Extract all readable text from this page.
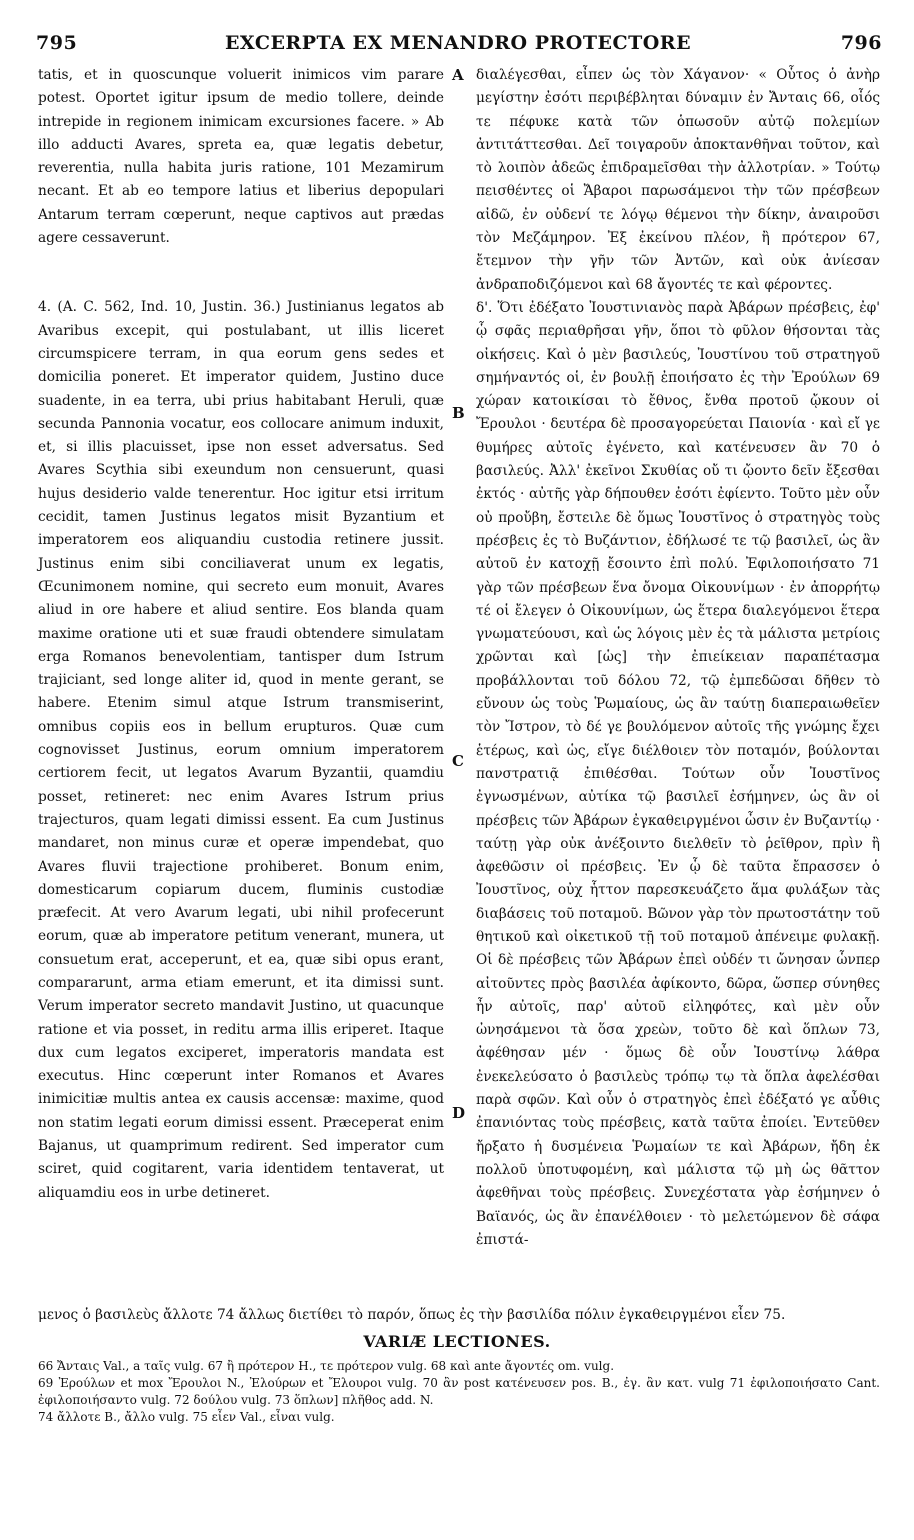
795	EXCERPTA EX MENANDRO PROTECTORE	796

tatis, et in quoscunque voluerit inimicos vim parare potest. Oportet igitur ipsum de medio tollere, deinde intrepide in regionem inimicam excursiones facere. » Ab illo adducti Avares, spreta ea, quæ legatis debetur, reverentia, nulla habita juris ratione, 101 Mezamirum necant. Et ab eo tempore latius et liberius depopulari Antarum terram cœperunt, neque captivos aut prædas agere cessaverunt.

4. (A. C. 562, Ind. 10, Justin. 36.) Justinianus legatos ab Avaribus excepit, qui postulabant, ut illis liceret circumspicere terram, in qua eorum gens sedes et domicilia poneret. Et imperator quidem, Justino duce suadente, in ea terra, ubi prius habitabant Heruli, quæ secunda Pannonia vocatur, eos collocare animum induxit, et, si illis placuisset, ipse non esset adversatus. Sed Avares Scythia sibi exeundum non censuerunt, quasi hujus desiderio valde tenerentur. Hoc igitur etsi irritum cecidit, tamen Justinus legatos misit Byzantium et imperatorem eos aliquandiu custodia retinere jussit. Justinus enim sibi conciliaverat unum ex legatis, Œcunimonem nomine, qui secreto eum monuit, Avares aliud in ore habere et aliud sentire. Eos blanda quam maxime oratione uti et suæ fraudi obtendere simulatam erga Romanos benevolentiam, tantisper dum Istrum trajiciant, sed longe aliter id, quod in mente gerant, se habere. Etenim simul atque Istrum transmiserint, omnibus copiis eos in bellum erupturos. Quæ cum cognovisset Justinus, eorum omnium imperatorem certiorem fecit, ut legatos Avarum Byzantii, quamdiu posset, retineret: nec enim Avares Istrum prius trajecturos, quam legati dimissi essent. Ea cum Justinus mandaret, non minus curæ et operæ impendebat, quo Avares fluvii trajectione prohiberet. Bonum enim, domesticarum copiarum ducem, fluminis custodiæ præfecit. At vero Avarum legati, ubi nihil profecerunt eorum, quæ ab imperatore petitum venerant, munera, ut consuetum erat, acceperunt, et ea, quæ sibi opus erant, compararunt, arma etiam emerunt, et ita dimissi sunt. Verum imperator secreto mandavit Justino, ut quacunque ratione et via posset, in reditu arma illis eriperet. Itaque dux cum legatos exciperet, imperatoris mandata est executus. Hinc cœperunt inter Romanos et Avares inimicitiæ multis antea ex causis accensæ: maxime, quod non statim legati eorum dimissi essent. Præceperat enim Bajanus, ut quamprimum redirent. Sed imperator cum sciret, quid cogitarent, varia identidem tentaverat, ut aliquamdiu eos in urbe detineret.

A
B
C
D

διαλέγεσθαι, εἶπεν ὡς τὸν Χάγανον· « Οὗτος ὁ ἀνὴρ μεγίστην ἐσότι περιβέβληται δύναμιν ἐν Ἄνταις 66, οἷός τε πέφυκε κατὰ τῶν ὁπωσοῦν αὐτῷ πολεμίων ἀντιτάττεσθαι. Δεῖ τοιγαροῦν ἀποκτανθῆναι τοῦτον, καὶ τὸ λοιπὸν ἀδεῶς ἐπιδραμεῖσθαι τὴν ἀλλοτρίαν. » Τούτῳ πεισθέντες οἱ Ἄβαροι παρωσάμενοι τὴν τῶν πρέσβεων αἰδῶ, ἐν οὐδενί τε λόγῳ θέμενοι τὴν δίκην, ἀναιροῦσι τὸν Μεζάμηρον. Ἐξ ἐκείνου πλέον, ἢ πρότερον 67, ἔτεμνον τὴν γῆν τῶν Ἀντῶν, καὶ οὐκ ἀνίεσαν ἀνδραποδιζόμενοι καὶ 68 ἄγοντές τε καὶ φέροντες.

δ'. Ὅτι ἐδέξατο Ἰουστινιανὸς παρὰ Ἀβάρων πρέσβεις, ἐφ' ᾧ σφᾶς περιαθρῆσαι γῆν, ὅποι τὸ φῦλον θήσονται τὰς οἰκήσεις. Καὶ ὁ μὲν βασιλεύς, Ἰουστίνου τοῦ στρατηγοῦ σημήναντός οἱ, ἐν βουλῇ ἐποιήσατο ἐς τὴν Ἐρούλων 69 χώραν κατοικίσαι τὸ ἔθνος, ἔνθα προτοῦ ᾤκουν οἱ Ἔρουλοι · δευτέρα δὲ προσαγορεύεται Παιονία · καὶ εἴ γε θυμήρες αὐτοῖς ἐγένετο, καὶ κατένευσεν ἂν 70 ὁ βασιλεύς. Ἀλλ' ἐκεῖνοι Σκυθίας οὔ τι ᾤοντο δεῖν ἔξεσθαι ἐκτός · αὐτῆς γὰρ δήπουθεν ἐσότι ἐφίεντο. Τοῦτο μὲν οὖν οὐ προὔβη, ἔστειλε δὲ ὅμως Ἰουστῖνος ὁ στρατηγὸς τοὺς πρέσβεις ἐς τὸ Βυζάντιον, ἐδήλωσέ τε τῷ βασιλεῖ, ὡς ἂν αὐτοῦ ἐν κατοχῇ ἔσοιντο ἐπὶ πολύ. Ἐφιλοποιήσατο 71 γὰρ τῶν πρέσβεων ἕνα ὄνομα Οἰκουνίμων · ἐν ἀπορρήτῳ τέ οἱ ἔλεγεν ὁ Οἰκουνίμων, ὡς ἕτερα διαλεγόμενοι ἕτερα γνωματεύουσι, καὶ ὡς λόγοις μὲν ἐς τὰ μάλιστα μετρίοις χρῶνται καὶ [ὡς] τὴν ἐπιείκειαν παραπέτασμα προβάλλονται τοῦ δόλου 72, τῷ ἐμπεδῶσαι δῆθεν τὸ εὔνουν ὡς τοὺς Ῥωμαίους, ὡς ἂν ταύτῃ διαπεραιωθεῖεν τὸν Ἴστρον, τὸ δέ γε βουλόμενον αὐτοῖς τῆς γνώμης ἔχει ἑτέρως, καὶ ὡς, εἴγε διέλθοιεν τὸν ποταμόν, βούλονται πανστρατιᾷ ἐπιθέσθαι. Τούτων οὖν Ἰουστῖνος ἐγνωσμένων, αὐτίκα τῷ βασιλεῖ ἐσήμηνεν, ὡς ἂν οἱ πρέσβεις τῶν Ἀβάρων ἐγκαθειργμένοι ὦσιν ἐν Βυζαντίῳ · ταύτῃ γὰρ οὐκ ἀνέξοιντο διελθεῖν τὸ ῥεῖθρον, πρὶν ἢ ἀφεθῶσιν οἱ πρέσβεις. Ἐν ᾧ δὲ ταῦτα ἔπρασσεν ὁ Ἰουστῖνος, οὐχ ἧττον παρεσκευάζετο ἅμα φυλάξων τὰς διαβάσεις τοῦ ποταμοῦ. Βῶνον γὰρ τὸν πρωτοστάτην τοῦ θητικοῦ καὶ οἰκετικοῦ τῇ τοῦ ποταμοῦ ἀπένειμε φυλακῇ. Οἱ δὲ πρέσβεις τῶν Ἀβάρων ἐπεὶ οὐδέν τι ὤνησαν ὧνπερ αἰτοῦντες πρὸς βασιλέα ἀφίκοντο, δῶρα, ὥσπερ σύνηθες ἦν αὐτοῖς, παρ' αὐτοῦ εἰληφότες, καὶ μὲν οὖν ὠνησάμενοι τὰ ὅσα χρεὼν, τοῦτο δὲ καὶ ὅπλων 73, ἀφέθησαν μέν · ὅμως δὲ οὖν Ἰουστίνῳ λάθρα ἐνεκελεύσατο ὁ βασιλεὺς τρόπῳ τῳ τὰ ὅπλα ἀφελέσθαι παρὰ σφῶν. Καὶ οὖν ὁ στρατηγὸς ἐπεὶ ἐδέξατό γε αὖθις ἐπανιόντας τοὺς πρέσβεις, κατὰ ταῦτα ἐποίει. Ἐντεῦθεν ἤρξατο ἡ δυσμένεια Ῥωμαίων τε καὶ Ἀβάρων, ἤδη ἐκ πολλοῦ ὑποτυφομένη, καὶ μάλιστα τῷ μὴ ὡς θᾶττον ἀφεθῆναι τοὺς πρέσβεις. Συνεχέστατα γὰρ ἐσήμηνεν ὁ Βαϊανός, ὡς ἂν ἐπανέλθοιεν · τὸ μελετώμενον δὲ σάφα ἐπιστά-

μενος ὁ βασιλεὺς ἄλλοτε 74 ἄλλως διετίθει τὸ παρόν, ὅπως ἐς τὴν βασιλίδα πόλιν ἐγκαθειργμένοι εἶεν 75.

VARIÆ LECTIONES.

66 Ἄνταις Val., a ταῖς vulg. 67 ἢ πρότερον H., τε πρότερον vulg. 68 καὶ ante ἄγοντές om. vulg.

69 Ἐρούλων et mox Ἔρουλοι N., Ἐλούρων et Ἔλουροι vulg. 70 ἂν post κατένευσεν pos. B., ἐγ. ἂν κατ. vulg 71 ἐφιλοποιήσατο Cant. ἐφιλοποιήσαντο vulg. 72 δούλου vulg. 73 ὅπλων] πλῆθος add. N.

74 ἄλλοτε B., ἄλλο vulg. 75 εἶεν Val., εἶναι vulg.
